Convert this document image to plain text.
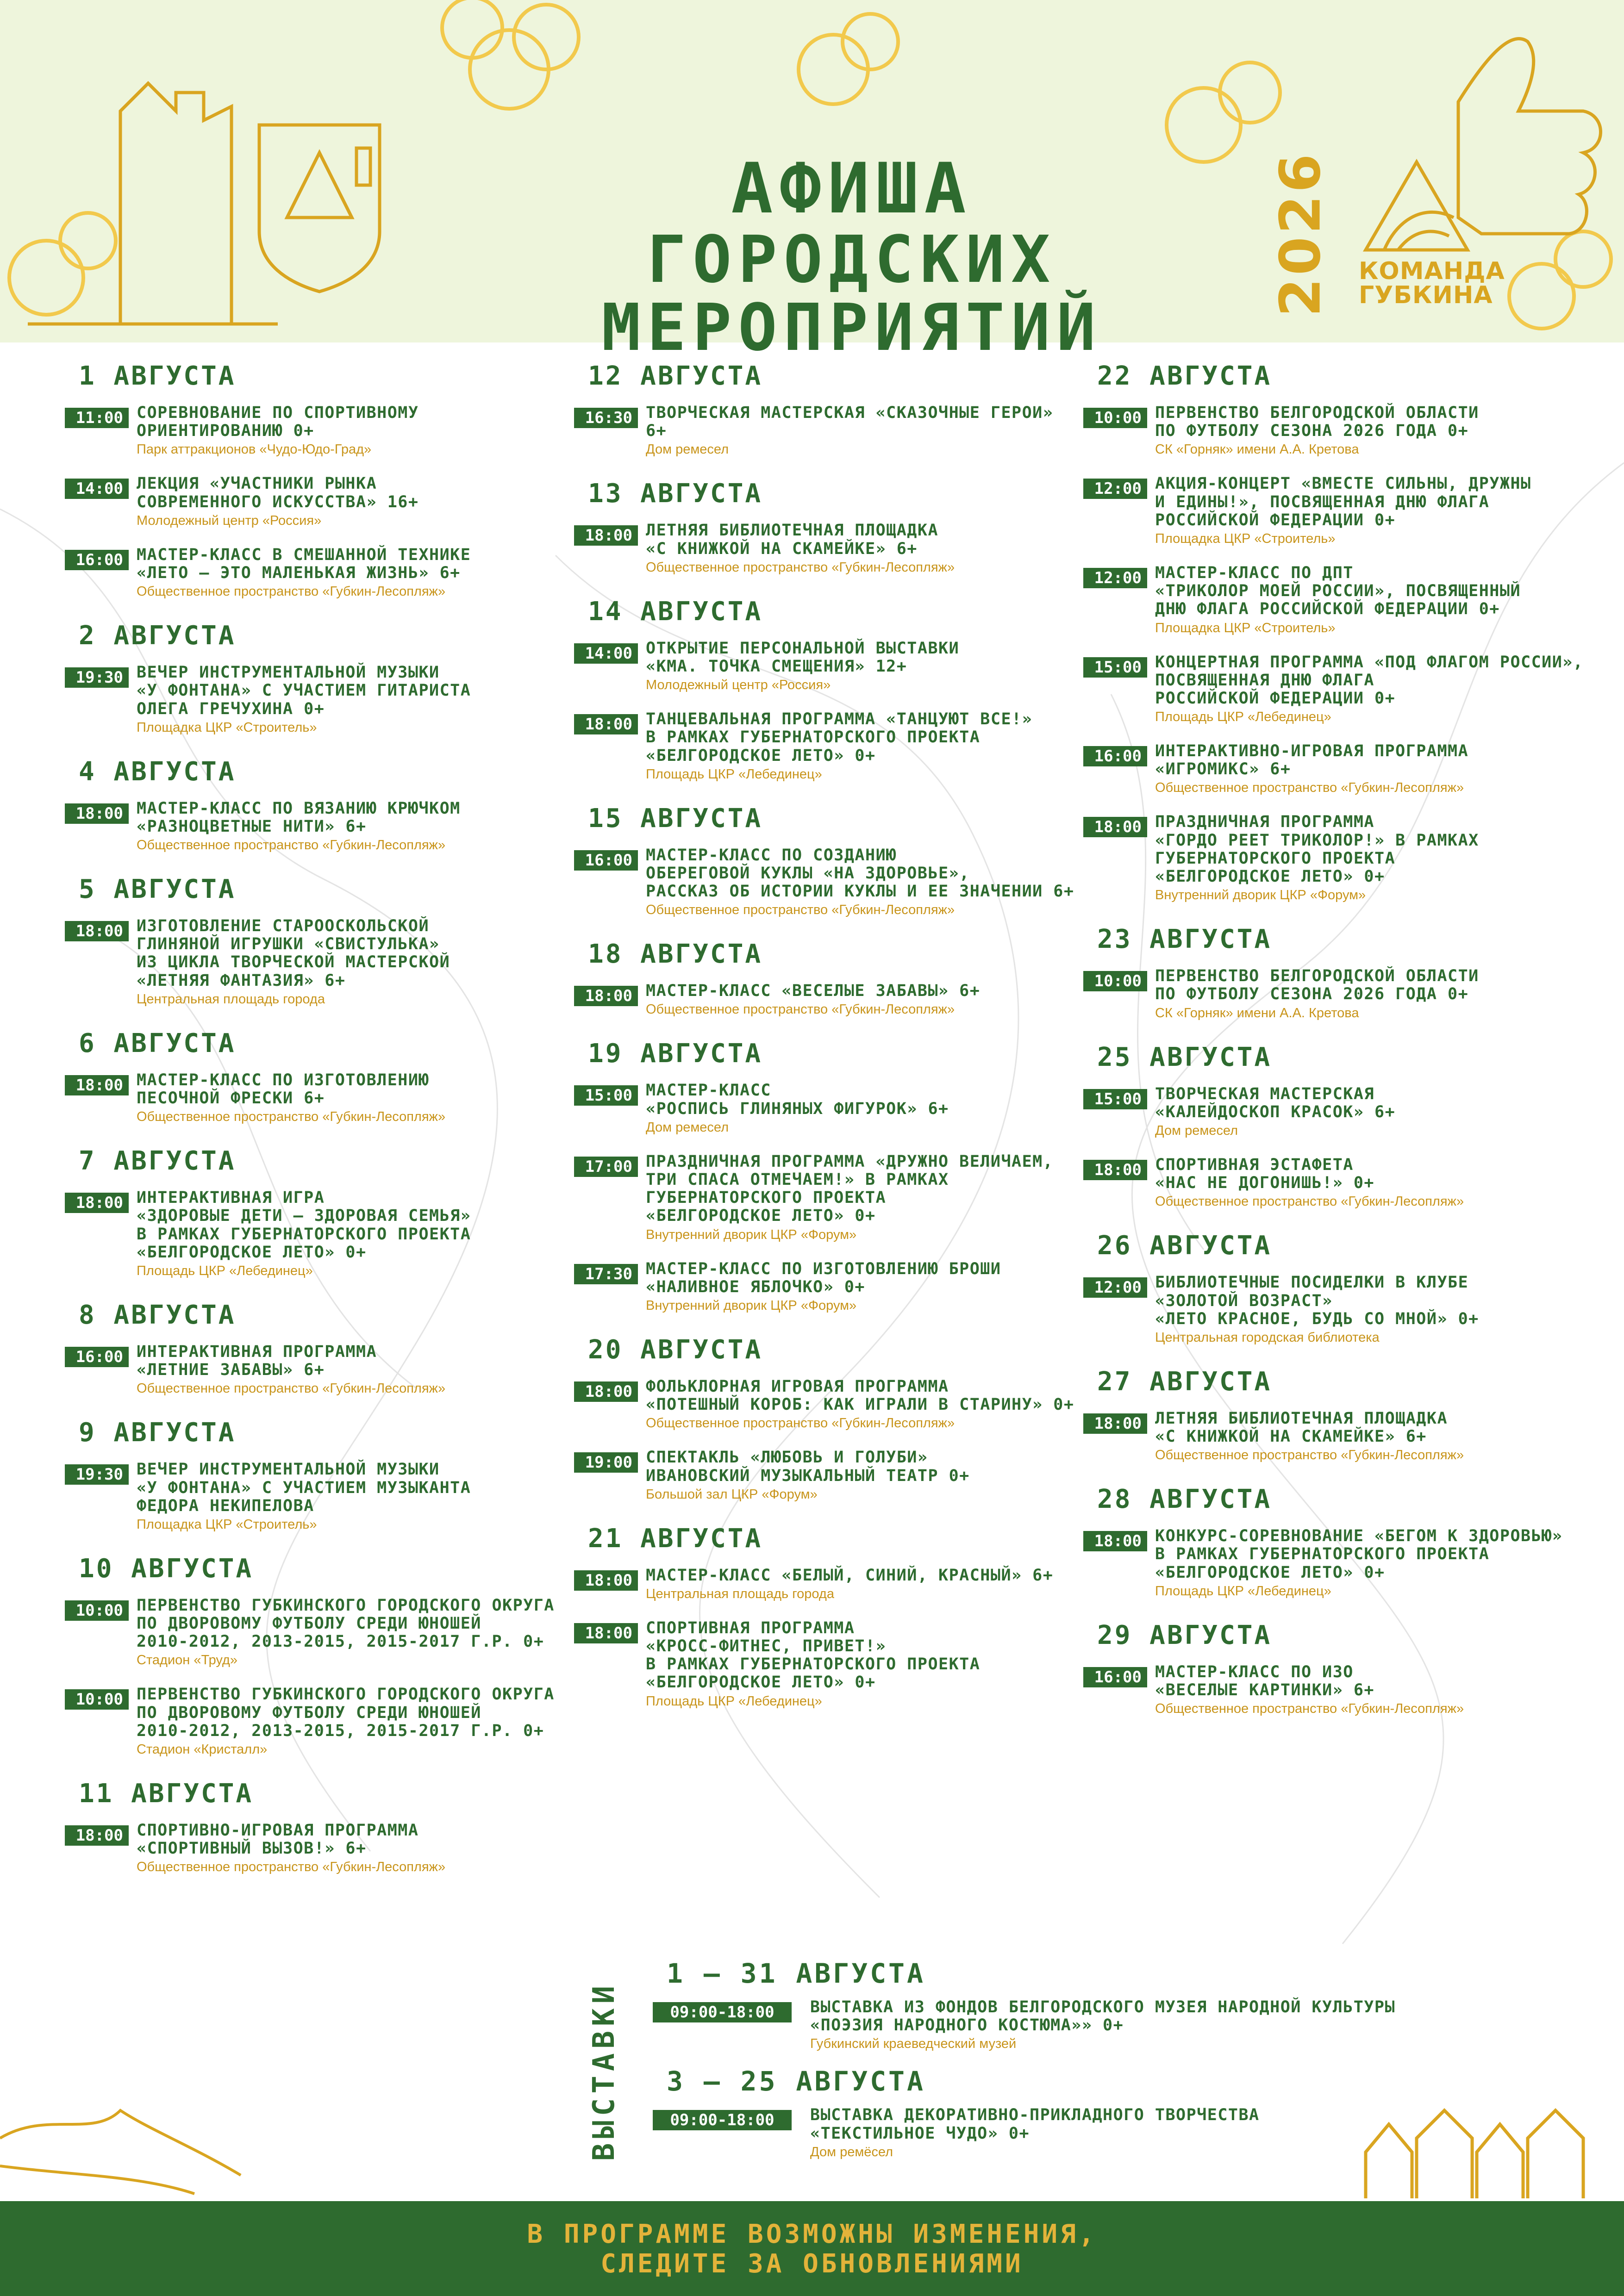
АФИША
ГОРОДСКИХ МЕРОПРИЯТИЙ
2026 КОМАНДА
ГУБКИНА
1 АВГУСТА
11:00 СОРЕВНОВАНИЕ ПО СПОРТИВНОМУ
ОРИЕНТИРОВАНИЮ 0+
Парк аттракционов «Чудо-Юдо-Град»
14:00 ЛЕКЦИЯ «УЧАСТНИКИ РЫНКА
СОВРЕМЕННОГО ИСКУССТВА» 16+
Молодежный центр «Россия»
16:00 МАСТЕР-КЛАСС В СМЕШАННОЙ ТЕХНИКЕ
«ЛЕТО – ЭТО МАЛЕНЬКАЯ ЖИЗНЬ» 6+
Общественное пространство «Губкин-Лесопляж»
2 АВГУСТА
19:30 ВЕЧЕР ИНСТРУМЕНТАЛЬНОЙ МУЗЫКИ
«У ФОНТАНА» С УЧАСТИЕМ ГИТАРИСТА
ОЛЕГА ГРЕЧУХИНА 0+
Площадка ЦКР «Строитель»
4 АВГУСТА
18:00 МАСТЕР-КЛАСС ПО ВЯЗАНИЮ КРЮЧКОМ
«РАЗНОЦВЕТНЫЕ НИТИ» 6+
Общественное пространство «Губкин-Лесопляж»
5 АВГУСТА
18:00 ИЗГОТОВЛЕНИЕ СТАРООСКОЛЬСКОЙ
ГЛИНЯНОЙ ИГРУШКИ «СВИСТУЛЬКА»
ИЗ ЦИКЛА ТВОРЧЕСКОЙ МАСТЕРСКОЙ
«ЛЕТНЯЯ ФАНТАЗИЯ» 6+
Центральная площадь города
6 АВГУСТА
18:00 МАСТЕР-КЛАСС ПО ИЗГОТОВЛЕНИЮ
ПЕСОЧНОЙ ФРЕСКИ 6+
Общественное пространство «Губкин-Лесопляж»
7 АВГУСТА
18:00 ИНТЕРАКТИВНАЯ ИГРА
«ЗДОРОВЫЕ ДЕТИ – ЗДОРОВАЯ СЕМЬЯ»
В РАМКАХ ГУБЕРНАТОРСКОГО ПРОЕКТА
«БЕЛГОРОДСКОЕ ЛЕТО» 0+
Площадь ЦКР «Лебединец»
8 АВГУСТА
16:00 ИНТЕРАКТИВНАЯ ПРОГРАММА
«ЛЕТНИЕ ЗАБАВЫ» 6+
Общественное пространство «Губкин-Лесопляж»
9 АВГУСТА
19:30 ВЕЧЕР ИНСТРУМЕНТАЛЬНОЙ МУЗЫКИ
«У ФОНТАНА» С УЧАСТИЕМ МУЗЫКАНТА
ФЕДОРА НЕКИПЕЛОВА
Площадка ЦКР «Строитель»
10 АВГУСТА
10:00 ПЕРВЕНСТВО ГУБКИНСКОГО ГОРОДСКОГО ОКРУГА
ПО ДВОРОВОМУ ФУТБОЛУ СРЕДИ ЮНОШЕЙ
2010-2012, 2013-2015, 2015-2017 Г.Р. 0+
Стадион «Труд»
10:00 ПЕРВЕНСТВО ГУБКИНСКОГО ГОРОДСКОГО ОКРУГА
ПО ДВОРОВОМУ ФУТБОЛУ СРЕДИ ЮНОШЕЙ
2010-2012, 2013-2015, 2015-2017 Г.Р. 0+
Стадион «Кристалл»
11 АВГУСТА
18:00 СПОРТИВНО-ИГРОВАЯ ПРОГРАММА
«СПОРТИВНЫЙ ВЫЗОВ!» 6+
Общественное пространство «Губкин-Лесопляж»
12 АВГУСТА
16:30 ТВОРЧЕСКАЯ МАСТЕРСКАЯ «СКАЗОЧНЫЕ ГЕРОИ» 6+
Дом ремесел
13 АВГУСТА
18:00 ЛЕТНЯЯ БИБЛИОТЕЧНАЯ ПЛОЩАДКА
«С КНИЖКОЙ НА СКАМЕЙКЕ» 6+
Общественное пространство «Губкин-Лесопляж»
14 АВГУСТА
14:00 ОТКРЫТИЕ ПЕРСОНАЛЬНОЙ ВЫСТАВКИ
«КМА. ТОЧКА СМЕЩЕНИЯ» 12+
Молодежный центр «Россия»
18:00 ТАНЦЕВАЛЬНАЯ ПРОГРАММА «ТАНЦУЮТ ВСЕ!»
В РАМКАХ ГУБЕРНАТОРСКОГО ПРОЕКТА
«БЕЛГОРОДСКОЕ ЛЕТО» 0+
Площадь ЦКР «Лебединец»
15 АВГУСТА
16:00 МАСТЕР-КЛАСС ПО СОЗДАНИЮ
ОБЕРЕГОВОЙ КУКЛЫ «НА ЗДОРОВЬЕ»,
РАССКАЗ ОБ ИСТОРИИ КУКЛЫ И ЕЕ ЗНАЧЕНИИ 6+
Общественное пространство «Губкин-Лесопляж»
18 АВГУСТА
18:00 МАСТЕР-КЛАСС «ВЕСЕЛЫЕ ЗАБАВЫ» 6+
Общественное пространство «Губкин-Лесопляж»
19 АВГУСТА
15:00 МАСТЕР-КЛАСС
«РОСПИСЬ ГЛИНЯНЫХ ФИГУРОК» 6+
Дом ремесел
17:00 ПРАЗДНИЧНАЯ ПРОГРАММА «ДРУЖНО ВЕЛИЧАЕМ,
ТРИ СПАСА ОТМЕЧАЕМ!» В РАМКАХ
ГУБЕРНАТОРСКОГО ПРОЕКТА
«БЕЛГОРОДСКОЕ ЛЕТО» 0+
Внутренний дворик ЦКР «Форум»
17:30 МАСТЕР-КЛАСС ПО ИЗГОТОВЛЕНИЮ БРОШИ
«НАЛИВНОЕ ЯБЛОЧКО» 0+
Внутренний дворик ЦКР «Форум»
20 АВГУСТА
18:00 ФОЛЬКЛОРНАЯ ИГРОВАЯ ПРОГРАММА
«ПОТЕШНЫЙ КОРОБ: КАК ИГРАЛИ В СТАРИНУ» 0+
Общественное пространство «Губкин-Лесопляж»
19:00 СПЕКТАКЛЬ «ЛЮБОВЬ И ГОЛУБИ»
ИВАНОВСКИЙ МУЗЫКАЛЬНЫЙ ТЕАТР 0+
Большой зал ЦКР «Форум»
21 АВГУСТА
18:00 МАСТЕР-КЛАСС «БЕЛЫЙ, СИНИЙ, КРАСНЫЙ» 6+
Центральная площадь города
18:00 СПОРТИВНАЯ ПРОГРАММА
«КРОСС-ФИТНЕС, ПРИВЕТ!»
В РАМКАХ ГУБЕРНАТОРСКОГО ПРОЕКТА
«БЕЛГОРОДСКОЕ ЛЕТО» 0+
Площадь ЦКР «Лебединец»
22 АВГУСТА
10:00 ПЕРВЕНСТВО БЕЛГОРОДСКОЙ ОБЛАСТИ
ПО ФУТБОЛУ СЕЗОНА 2026 ГОДА 0+
СК «Горняк» имени А.А. Кретова
12:00 АКЦИЯ-КОНЦЕРТ «ВМЕСТЕ СИЛЬНЫ, ДРУЖНЫ
И ЕДИНЫ!», ПОСВЯЩЕННАЯ ДНЮ ФЛАГА
РОССИЙСКОЙ ФЕДЕРАЦИИ 0+
Площадка ЦКР «Строитель»
12:00 МАСТЕР-КЛАСС ПО ДПТ
«ТРИКОЛОР МОЕЙ РОССИИ», ПОСВЯЩЕННЫЙ
ДНЮ ФЛАГА РОССИЙСКОЙ ФЕДЕРАЦИИ 0+
Площадка ЦКР «Строитель»
15:00 КОНЦЕРТНАЯ ПРОГРАММА «ПОД ФЛАГОМ РОССИИ»,
ПОСВЯЩЕННАЯ ДНЮ ФЛАГА
РОССИЙСКОЙ ФЕДЕРАЦИИ 0+
Площадь ЦКР «Лебединец»
16:00 ИНТЕРАКТИВНО-ИГРОВАЯ ПРОГРАММА
«ИГРОМИКС» 6+
Общественное пространство «Губкин-Лесопляж»
18:00 ПРАЗДНИЧНАЯ ПРОГРАММА
«ГОРДО РЕЕТ ТРИКОЛОР!» В РАМКАХ
ГУБЕРНАТОРСКОГО ПРОЕКТА
«БЕЛГОРОДСКОЕ ЛЕТО» 0+
Внутренний дворик ЦКР «Форум»
23 АВГУСТА
10:00 ПЕРВЕНСТВО БЕЛГОРОДСКОЙ ОБЛАСТИ
ПО ФУТБОЛУ СЕЗОНА 2026 ГОДА 0+
СК «Горняк» имени А.А. Кретова
25 АВГУСТА
15:00 ТВОРЧЕСКАЯ МАСТЕРСКАЯ
«КАЛЕЙДОСКОП КРАСОК» 6+
Дом ремесел
18:00 СПОРТИВНАЯ ЭСТАФЕТА
«НАС НЕ ДОГОНИШЬ!» 0+
Общественное пространство «Губкин-Лесопляж»
26 АВГУСТА
12:00 БИБЛИОТЕЧНЫЕ ПОСИДЕЛКИ В КЛУБЕ
«ЗОЛОТОЙ ВОЗРАСТ»
«ЛЕТО КРАСНОЕ, БУДЬ СО МНОЙ» 0+
Центральная городская библиотека
27 АВГУСТА
18:00 ЛЕТНЯЯ БИБЛИОТЕЧНАЯ ПЛОЩАДКА
«С КНИЖКОЙ НА СКАМЕЙКЕ» 6+
Общественное пространство «Губкин-Лесопляж»
28 АВГУСТА
18:00 КОНКУРС-СОРЕВНОВАНИЕ «БЕГОМ К ЗДОРОВЬЮ»
В РАМКАХ ГУБЕРНАТОРСКОГО ПРОЕКТА
«БЕЛГОРОДСКОЕ ЛЕТО» 0+
Площадь ЦКР «Лебединец»
29 АВГУСТА
16:00 МАСТЕР-КЛАСС ПО ИЗО
«ВЕСЕЛЫЕ КАРТИНКИ» 6+
Общественное пространство «Губкин-Лесопляж»
ВЫСТАВКИ
1 – 31 АВГУСТА
09:00-18:00	ВЫСТАВКА ИЗ ФОНДОВ БЕЛГОРОДСКОГО МУЗЕЯ НАРОДНОЙ КУЛЬТУРЫ
«ПОЭЗИЯ НАРОДНОГО КОСТЮМА»» 0+
Губкинский краеведческий музей
3 – 25 АВГУСТА
09:00-18:00	ВЫСТАВКА ДЕКОРАТИВНО-ПРИКЛАДНОГО ТВОРЧЕСТВА
«ТЕКСТИЛЬНОЕ ЧУДО» 0+
Дом ремёсел
В ПРОГРАММЕ ВОЗМОЖНЫ ИЗМЕНЕНИЯ,
СЛЕДИТЕ ЗА ОБНОВЛЕНИЯМИ
